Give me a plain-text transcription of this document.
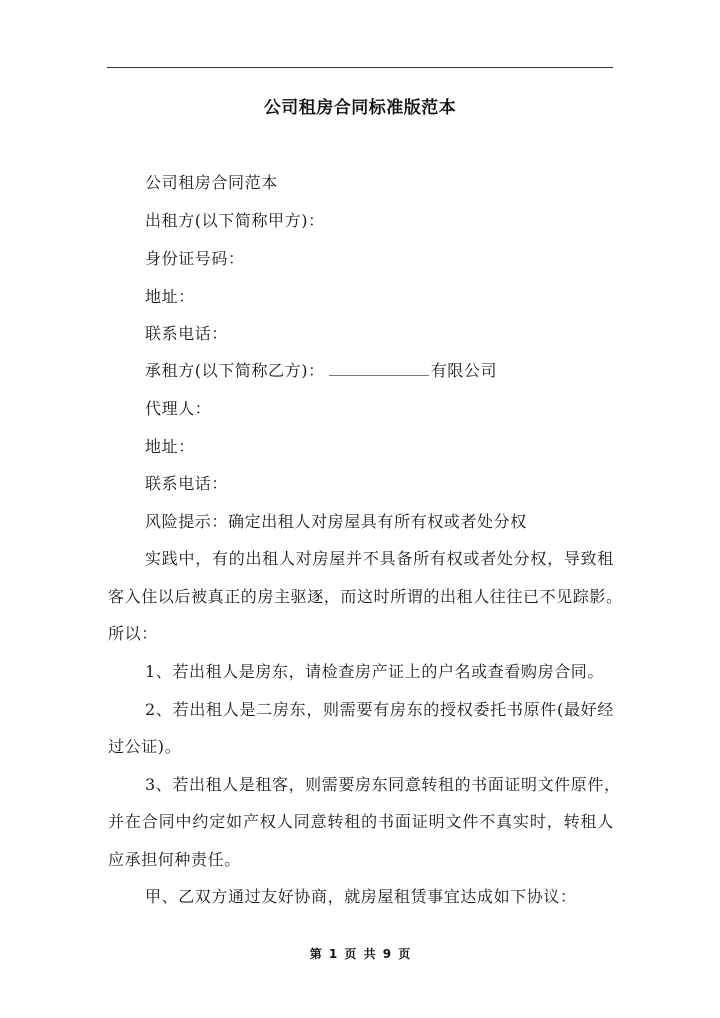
公司租房合同标准版范本
公司租房合同范本
出租方(以下简称甲方)：
身份证号码：
地址：
联系电话：
承租方(以下简称乙方)：	有限公司
代理人：
地址：
联系电话：
风险提示：确定出租人对房屋具有所有权或者处分权
实践中，有的出租人对房屋并不具备所有权或者处分权，导致租
客入住以后被真正的房主驱逐，而这时所谓的出租人往往已不见踪影。
所以：
1、若出租人是房东，请检查房产证上的户名或查看购房合同。
2、若出租人是二房东，则需要有房东的授权委托书原件(最好经
过公证)。
3、若出租人是租客，则需要房东同意转租的书面证明文件原件，
并在合同中约定如产权人同意转租的书面证明文件不真实时，转租人
应承担何种责任。
甲、乙双方通过友好协商，就房屋租赁事宜达成如下协议：
第 1 页 共 9 页
